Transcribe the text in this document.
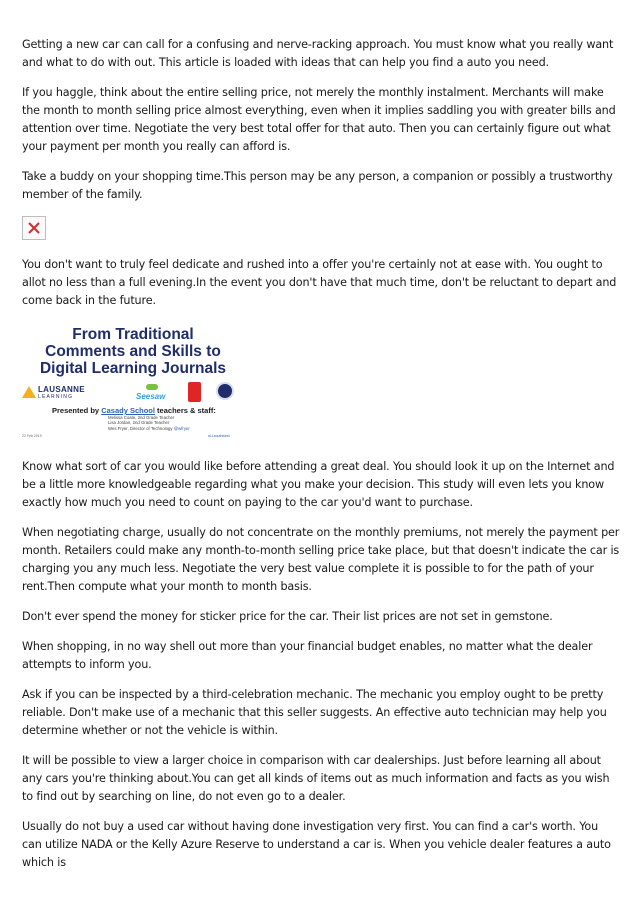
Getting a new car can call for a confusing and nerve-racking approach. You must know what you really want and what to do with out. This article is loaded with ideas that can help you find a auto you need.

If you haggle, think about the entire selling price, not merely the monthly instalment. Merchants will make the month to month selling price almost everything, even when it implies saddling you with greater bills and attention over time. Negotiate the very best total offer for that auto. Then you can certainly figure out what your payment per month you really can afford is.

Take a buddy on your shopping time.This person may be any person, a companion or possibly a trustworthy member of the family.

You don't want to truly feel dedicate and rushed into a offer you're certainly not at ease with. You ought to allot no less than a full evening.In the event you don't have that much time, don't be reluctant to depart and come back in the future.

From Traditional
Comments and Skills to
Digital Learning Journals
LAUSANNE
LEARNING	Seesaw
Presented by Casady School teachers & staff:
Melissa Coate, 2nd Grade Teacher
Lisa Jordan, 2nd Grade Teacher
Wes Fryer, Director of Technology @wfryer
22 Feb 2019	#LLsouthwest

Know what sort of car you would like before attending a great deal. You should look it up on the Internet and be a little more knowledgeable regarding what you make your decision. This study will even lets you know exactly how much you need to count on paying to the car you'd want to purchase.

When negotiating charge, usually do not concentrate on the monthly premiums, not merely the payment per month. Retailers could make any month-to-month selling price take place, but that doesn't indicate the car is charging you any much less. Negotiate the very best value complete it is possible to for the path of your rent.Then compute what your month to month basis.

Don't ever spend the money for sticker price for the car. Their list prices are not set in gemstone.

When shopping, in no way shell out more than your financial budget enables, no matter what the dealer attempts to inform you.

Ask if you can be inspected by a third-celebration mechanic. The mechanic you employ ought to be pretty reliable. Don't make use of a mechanic that this seller suggests. An effective auto technician may help you determine whether or not the vehicle is within.

It will be possible to view a larger choice in comparison with car dealerships. Just before learning all about any cars you're thinking about.You can get all kinds of items out as much information and facts as you wish to find out by searching on line, do not even go to a dealer.

Usually do not buy a used car without having done investigation very first. You can find a car's worth. You can utilize NADA or the Kelly Azure Reserve to understand a car is. When you vehicle dealer features a auto which is
